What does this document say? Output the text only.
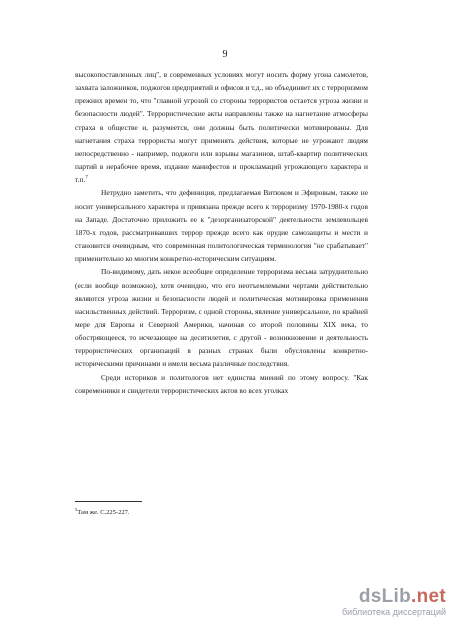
9

высокопоставленных лиц", в современных условиях могут носить форму угона самолетов, захвата заложников, поджогов предприятий и офисов и т.д., но объединяет их с терроризмом прежних времен то, что "главной угрозой со стороны террористов остается угроза жизни и безопасности людей". Террористические акты направлены также на нагнетание атмосферы страха в обществе и, разумеется, они должны быть политически мотивированы. Для нагнетания страха террористы могут применять действия, которые не угрожают людям непосредственно - например, поджоги или взрывы магазинов, штаб-квартир политических партий в нерабочее время, издание манифестов и прокламаций угрожающего характера и т.п.$^7$

Нетрудно заметить, что дефиниция, предлагаемая Витюком и Эфировым, также не носит универсального характера и привязана прежде всего к терроризму 1970-1980-х годов на Западе. Достаточно приложить ее к "дезорганизаторской" деятельности землевольцев 1870-х годов, рассматривавших террор прежде всего как орудие самозащиты и мести и становится очевидным, что современная политологическая терминология "не срабатывает" применительно ко многим конкретно-историческим ситуациям.

По-видимому, дать некое всеобщее определение терроризма весьма затруднительно (если вообще возможно), хотя очевидно, что его неотъемлемыми чертами действительно являются угроза жизни и безопасности людей и политическая мотивировка применения насильственных действий. Терроризм, с одной стороны, явление универсальное, по крайней мере для Европы и Северной Америки, начиная со второй половины XIX века, то обостряющееся, то исчезающее на десятилетия, с другой - возникновение и деятельность террористических организаций в разных странах были обусловлены конкретно-историческими причинами и имели весьма различные последствия.

Среди историков и политологов нет единства мнений по этому вопросу. "Как современники и свидетели террористических актов во всех уголках

$^5$Там же. С.225-227.
dsLib.net
библиотека диссертаций
